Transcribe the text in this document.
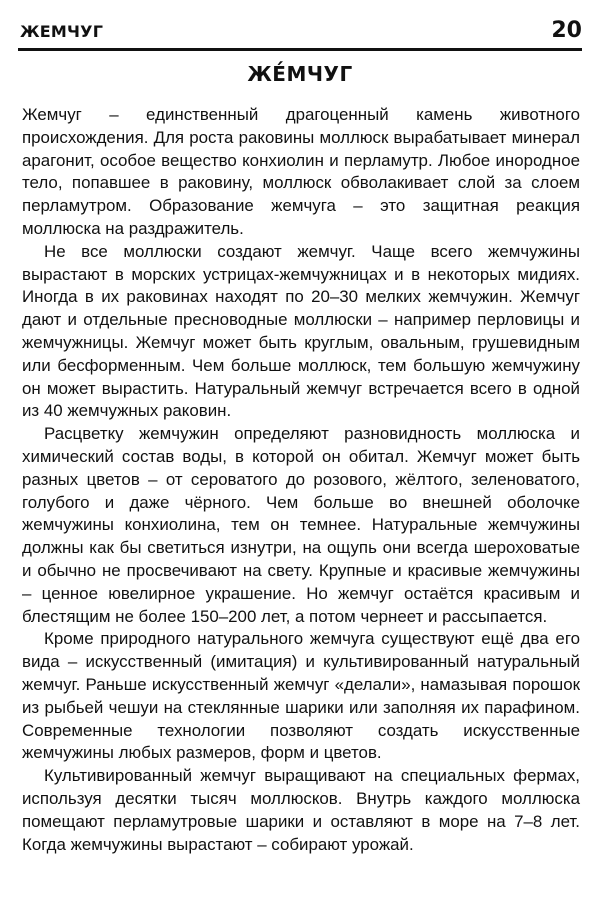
ЖЕМЧУГ	20
ЖЕ́МЧУГ

Жемчуг – единственный драгоценный камень животного происхождения. Для роста раковины моллюск вырабатывает минерал арагонит, особое вещество конхиолин и перламутр. Любое инородное тело, попавшее в раковину, моллюск обволакивает слой за слоем перламутром. Образование жемчуга – это защитная реакция моллюска на раздражитель.

Не все моллюски создают жемчуг. Чаще всего жемчужины вырастают в морских устрицах-жемчужницах и в некоторых мидиях. Иногда в их раковинах находят по 20–30 мелких жемчужин. Жемчуг дают и отдельные пресноводные моллюски – например перловицы и жемчужницы. Жемчуг может быть круглым, овальным, грушевидным или бесформенным. Чем больше моллюск, тем большую жемчужину он может вырастить. Натуральный жемчуг встречается всего в одной из 40 жемчужных раковин.

Расцветку жемчужин определяют разновидность моллюска и химический состав воды, в которой он обитал. Жемчуг может быть разных цветов – от сероватого до розового, жёлтого, зеленоватого, голубого и даже чёрного. Чем больше во внешней оболочке жемчужины конхиолина, тем он темнее. Натуральные жемчужины должны как бы светиться изнутри, на ощупь они всегда шероховатые и обычно не просвечивают на свету. Крупные и красивые жемчужины – ценное ювелирное украшение. Но жемчуг остаётся красивым и блестящим не более 150–200 лет, а потом чернеет и рассыпается.

Кроме природного натурального жемчуга существуют ещё два его вида – искусственный (имитация) и культивированный натуральный жемчуг. Раньше искусственный жемчуг «делали», намазывая порошок из рыбьей чешуи на стеклянные шарики или заполняя их парафином. Современные технологии позволяют создать искусственные жемчужины любых размеров, форм и цветов.

Культивированный жемчуг выращивают на специальных фермах, используя десятки тысяч моллюсков. Внутрь каждого моллюска помещают перламутровые шарики и оставляют в море на 7–8 лет. Когда жемчужины вырастают – собирают урожай.
